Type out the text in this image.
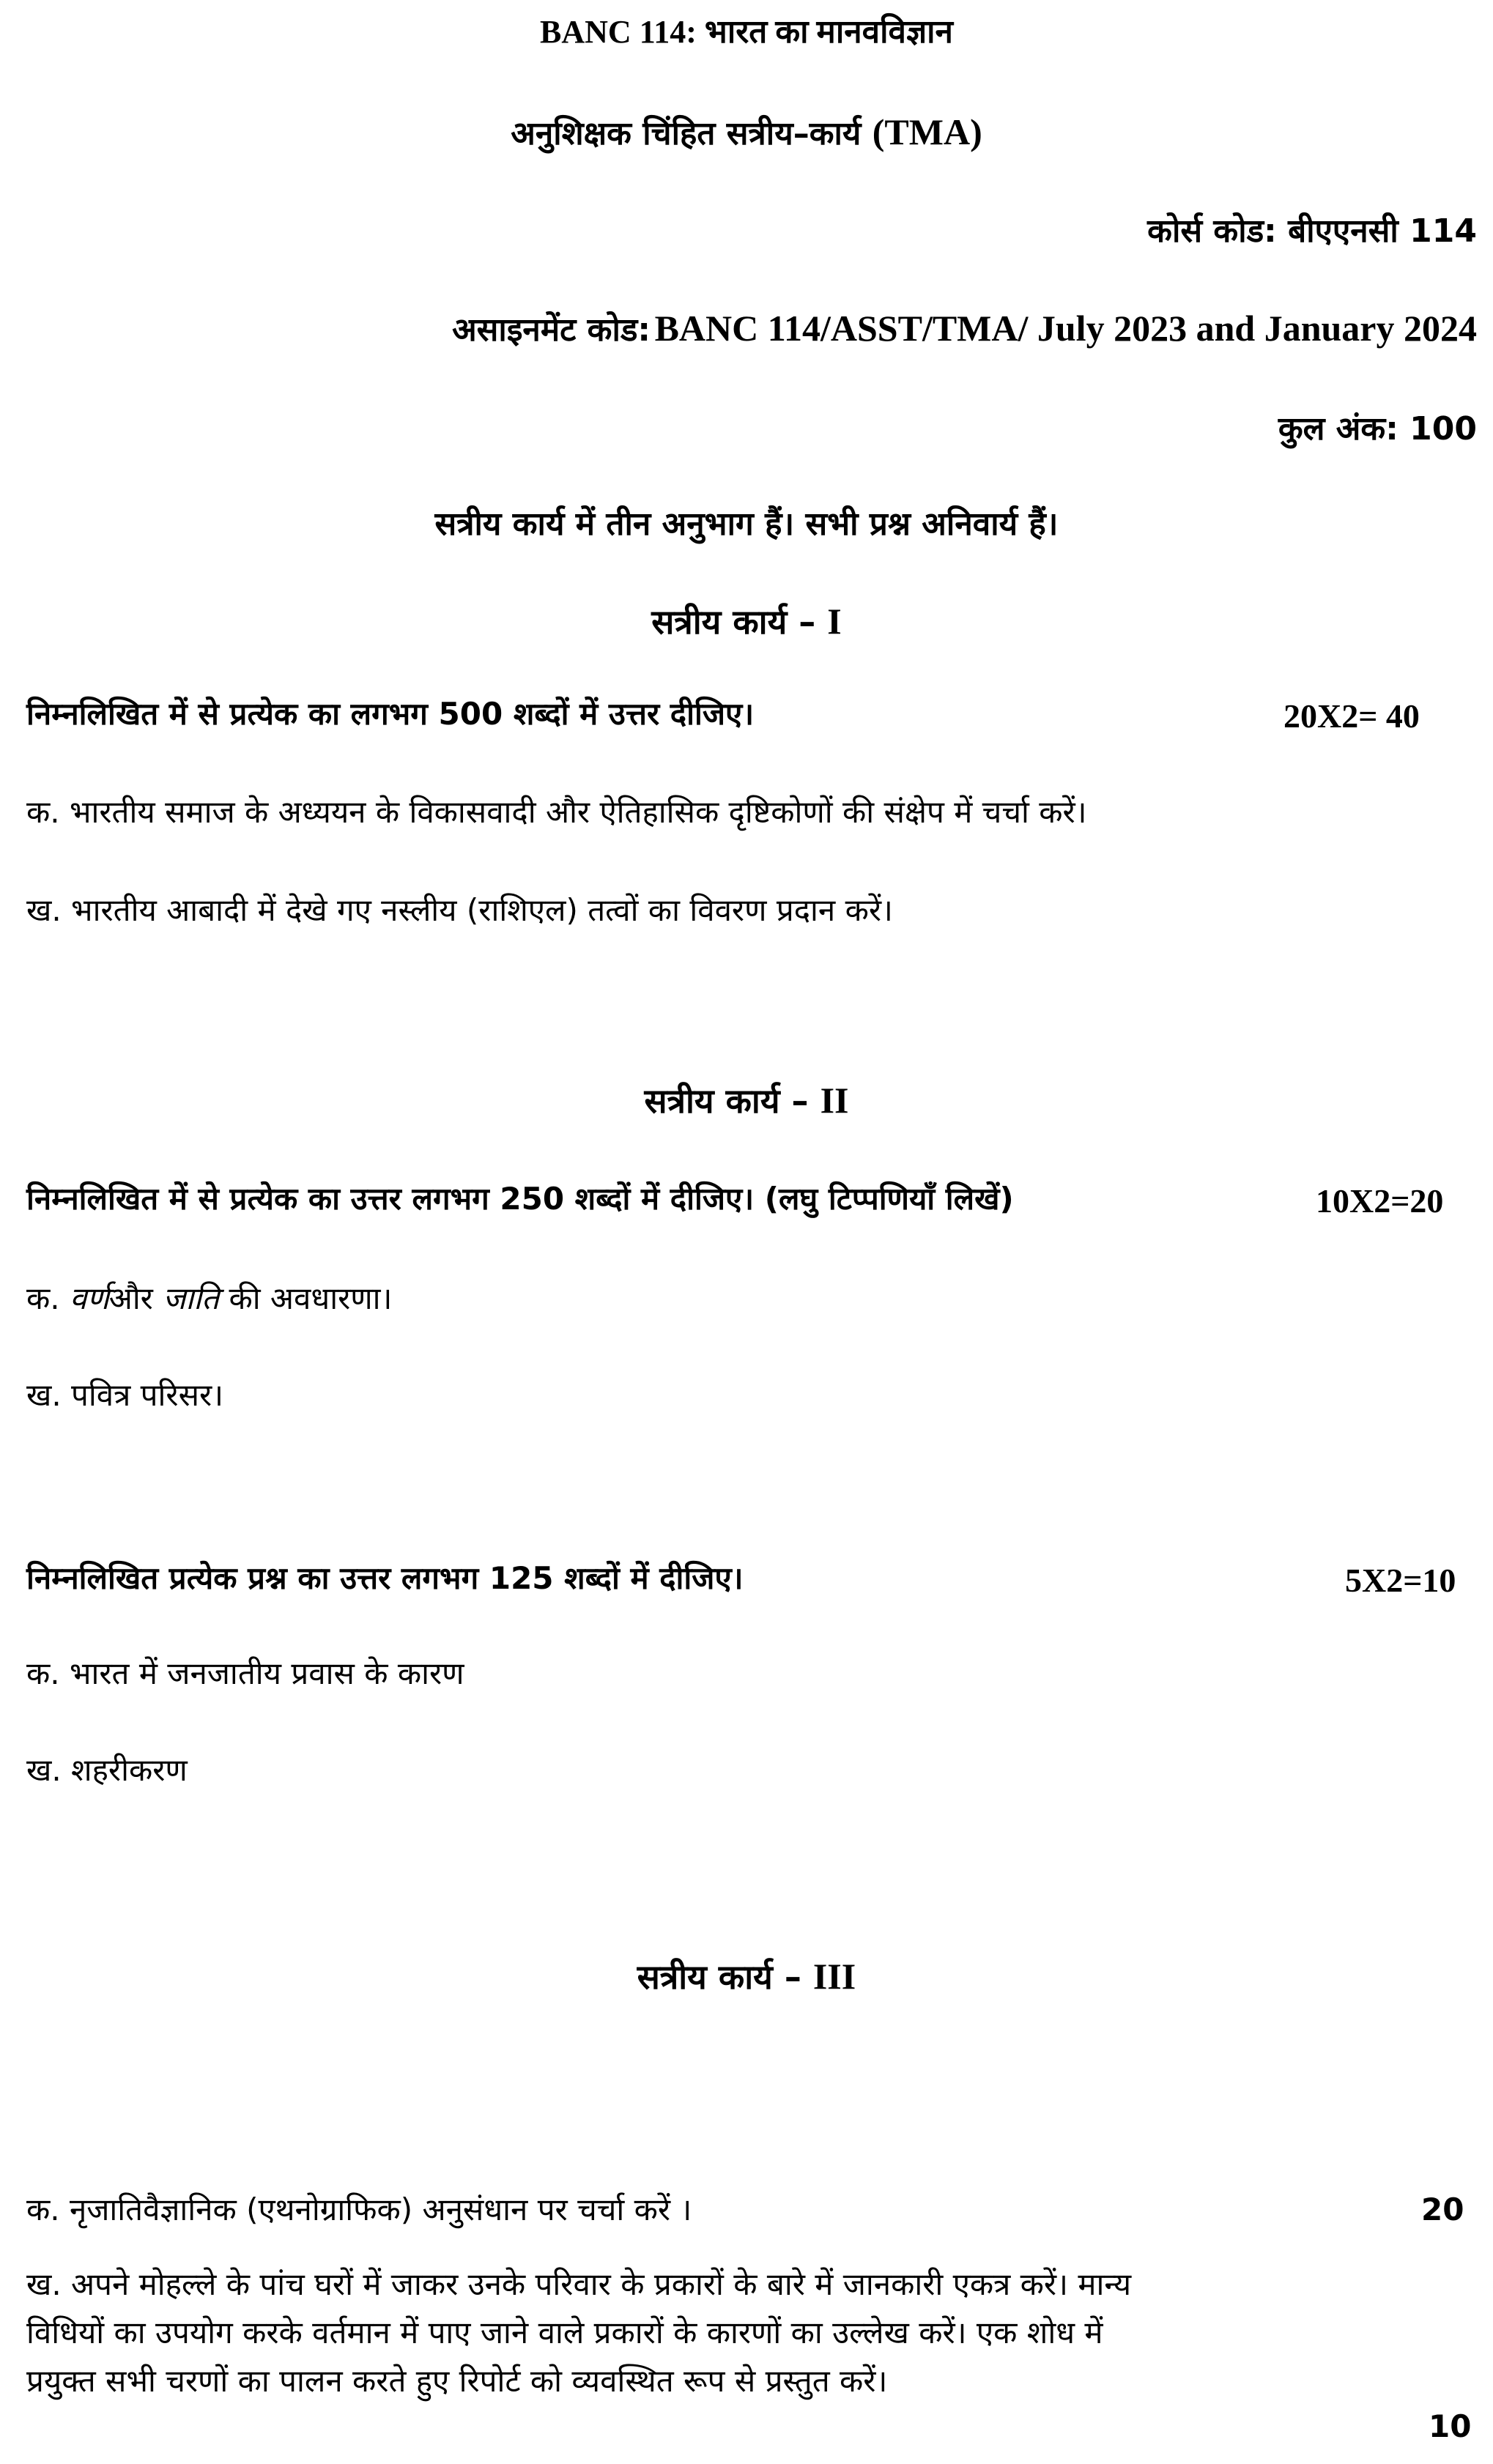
BANC 114: भारत का मानवविज्ञान
अनुशिक्षक चिंहित सत्रीय–कार्य (TMA)
कोर्स कोड: बीएएनसी 114
असाइनमेंट कोड: BANC 114/ASST/TMA/ July 2023 and January 2024
कुल अंक: 100
सत्रीय कार्य में तीन अनुभाग हैं। सभी प्रश्न अनिवार्य हैं।
सत्रीय कार्य – I
निम्नलिखित में से प्रत्येक का लगभग 500 शब्दों में उत्तर दीजिए।	20X2= 40
क. भारतीय समाज के अध्ययन के विकासवादी और ऐतिहासिक दृष्टिकोणों की संक्षेप में चर्चा करें।
ख. भारतीय आबादी में देखे गए नस्लीय (राशिएल) तत्वों का विवरण प्रदान करें।
सत्रीय कार्य – II
निम्नलिखित में से प्रत्येक का उत्तर लगभग 250 शब्दों में दीजिए। (लघु टिप्पणियाँ लिखें)	10X2=20
क. वर्णऔर जाति की अवधारणा।
ख. पवित्र परिसर।
निम्नलिखित प्रत्येक प्रश्न का उत्तर लगभग 125 शब्दों में दीजिए।	5X2=10
क. भारत में जनजातीय प्रवास के कारण
ख. शहरीकरण
सत्रीय कार्य – III
क. नृजातिवैज्ञानिक (एथनोग्राफिक) अनुसंधान पर चर्चा करें ।	20
ख. अपने मोहल्ले के पांच घरों में जाकर उनके परिवार के प्रकारों के बारे में जानकारी एकत्र करें। मान्य
विधियों का उपयोग करके वर्तमान में पाए जाने वाले प्रकारों के कारणों का उल्लेख करें। एक शोध में
प्रयुक्त सभी चरणों का पालन करते हुए रिपोर्ट को व्यवस्थित रूप से प्रस्तुत करें।
10
